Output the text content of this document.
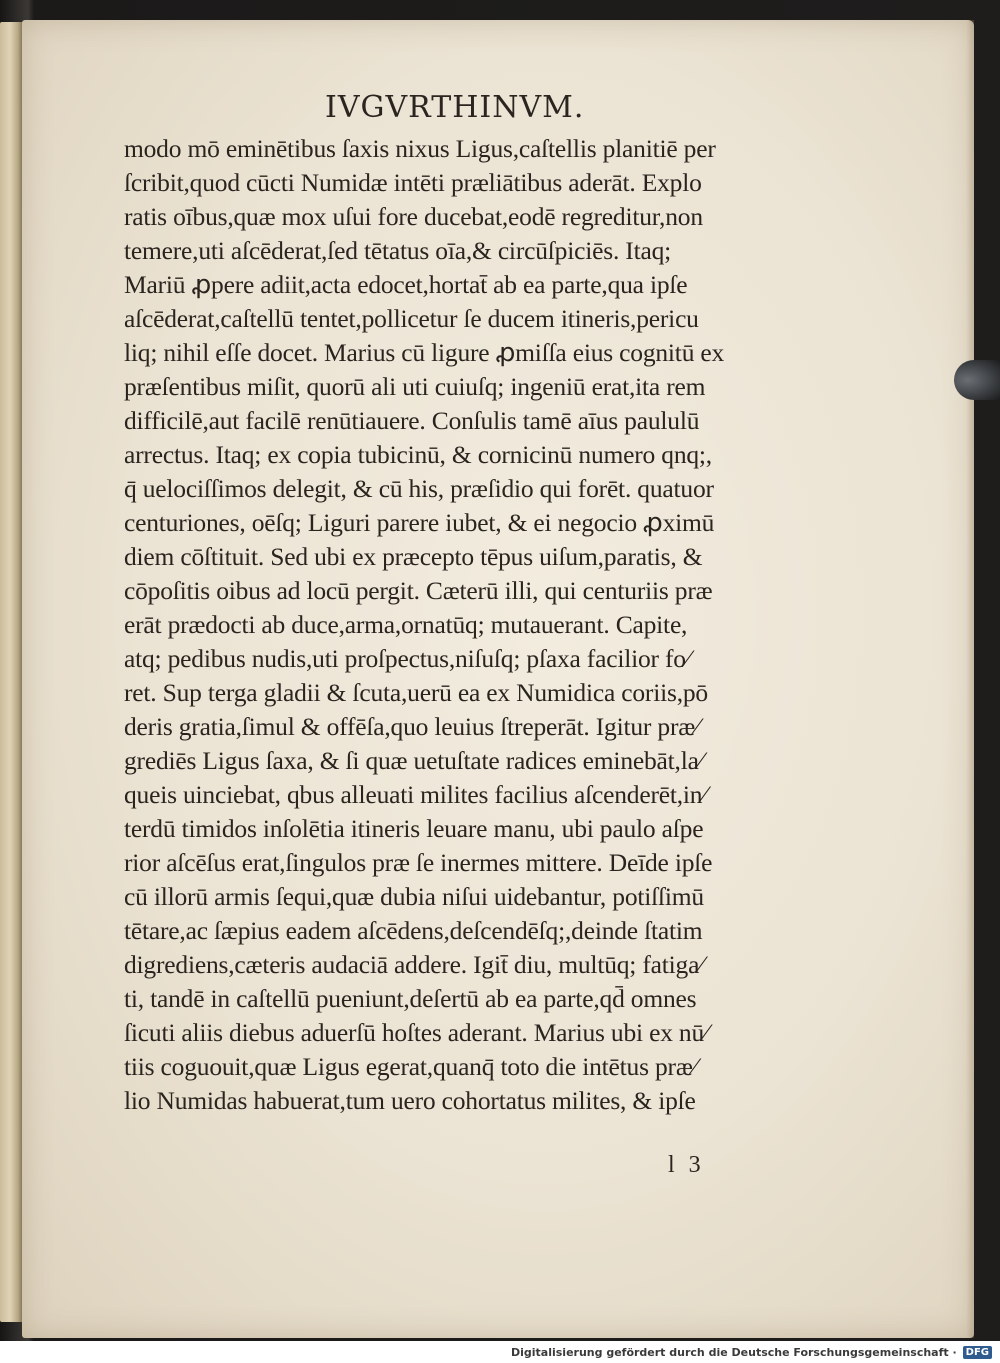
IVGVRTHINVM.
modo mō eminētibus ſaxis nixus Ligus,caſtellis planitiē per
ſcribit,quod cūcti Numidæ intēti præliātibus aderāt. Explo
ratis oībus,quæ mox uſui fore ducebat,eodē regreditur,non
temere,uti aſcēderat,ſed tētatus oīa,& circūſpiciēs. Itaq;
Mariū ꝓpere adiit,acta edocet,hortat̄ ab ea parte,qua ipſe
aſcēderat,caſtellū tentet,pollicetur ſe ducem itineris,pericu
liq; nihil eſſe docet. Marius cū ligure ꝓmiſſa eius cognitū ex
præſentibus miſit, quorū ali uti cuiuſq; ingeniū erat,ita rem
difficilē,aut facilē renūtiauere. Conſulis tamē aīus paululū
arrectus. Itaq; ex copia tubicinū, & cornicinū numero qnq;,
q̄ uelociſſimos delegit, & cū his, præſidio qui forēt. quatuor
centuriones, oēſq; Liguri parere iubet, & ei negocio ꝓximū
diem cōſtituit. Sed ubi ex præcepto tēpus uiſum,paratis, &
cōpoſitis oibus ad locū pergit. Cæterū illi, qui centuriis præ
erāt prædocti ab duce,arma,ornatūq; mutauerant. Capite,
atq; pedibus nudis,uti proſpectus,niſuſq; pſaxa facilior fo⁄
ret. Sup terga gladii & ſcuta,uerū ea ex Numidica coriis,pō
deris gratia,ſimul & offēſa,quo leuius ſtreperāt. Igitur præ⁄
grediēs Ligus ſaxa, & ſi quæ uetuſtate radices eminebāt,la⁄
queis uinciebat, qbus alleuati milites facilius aſcenderēt,in⁄
terdū timidos inſolētia itineris leuare manu, ubi paulo aſpe
rior aſcēſus erat,ſingulos præ ſe inermes mittere. Deīde ipſe
cū illorū armis ſequi,quæ dubia niſui uidebantur, potiſſimū
tētare,ac ſæpius eadem aſcēdens,deſcendēſq;,deinde ſtatim
digrediens,cæteris audaciā addere. Igit̄ diu, multūq; fatiga⁄
ti, tandē in caſtellū pueniunt,deſertū ab ea parte,qd̄ omnes
ſicuti aliis diebus aduerſū hoſtes aderant. Marius ubi ex nū⁄
tiis coguouit,quæ Ligus egerat,quanq̄ toto die intētus præ⁄
lio Numidas habuerat,tum uero cohortatus milites, & ipſe
l 3
Digitalisierung gefördert durch die Deutsche Forschungsgemeinschaft · DFG
